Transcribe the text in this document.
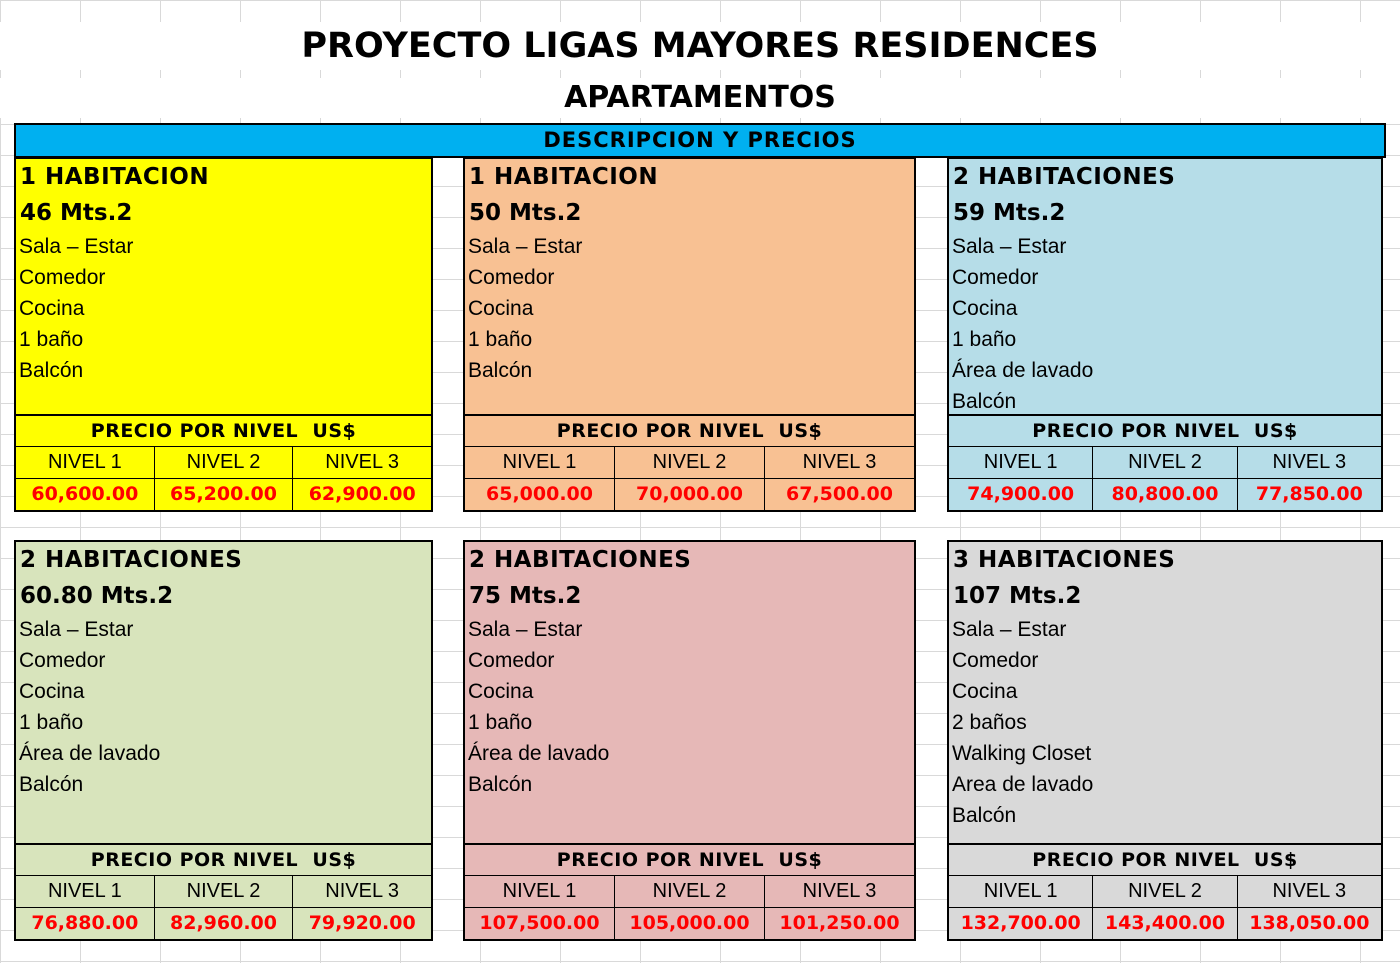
PROYECTO LIGAS MAYORES RESIDENCES
APARTAMENTOS
DESCRIPCION Y PRECIOS
1 HABITACION
46 Mts.2
Sala – Estar
Comedor
Cocina
1 baño
Balcón
PRECIO POR NIVEL  US$
NIVEL 1	NIVEL 2	NIVEL 3
60,600.00	65,200.00	62,900.00
1 HABITACION
50 Mts.2
Sala – Estar
Comedor
Cocina
1 baño
Balcón
PRECIO POR NIVEL  US$
NIVEL 1	NIVEL 2	NIVEL 3
65,000.00	70,000.00	67,500.00
2 HABITACIONES
59 Mts.2
Sala – Estar
Comedor
Cocina
1 baño
Área de lavado
Balcón
PRECIO POR NIVEL  US$
NIVEL 1	NIVEL 2	NIVEL 3
74,900.00	80,800.00	77,850.00
2 HABITACIONES
60.80 Mts.2
Sala – Estar
Comedor
Cocina
1 baño
Área de lavado
Balcón
PRECIO POR NIVEL  US$
NIVEL 1	NIVEL 2	NIVEL 3
76,880.00	82,960.00	79,920.00
2 HABITACIONES
75 Mts.2
Sala – Estar
Comedor
Cocina
1 baño
Área de lavado
Balcón
PRECIO POR NIVEL  US$
NIVEL 1	NIVEL 2	NIVEL 3
107,500.00	105,000.00	101,250.00
3 HABITACIONES
107 Mts.2
Sala – Estar
Comedor
Cocina
2 baños
Walking Closet
Area de lavado
Balcón
PRECIO POR NIVEL  US$
NIVEL 1	NIVEL 2	NIVEL 3
132,700.00	143,400.00	138,050.00
